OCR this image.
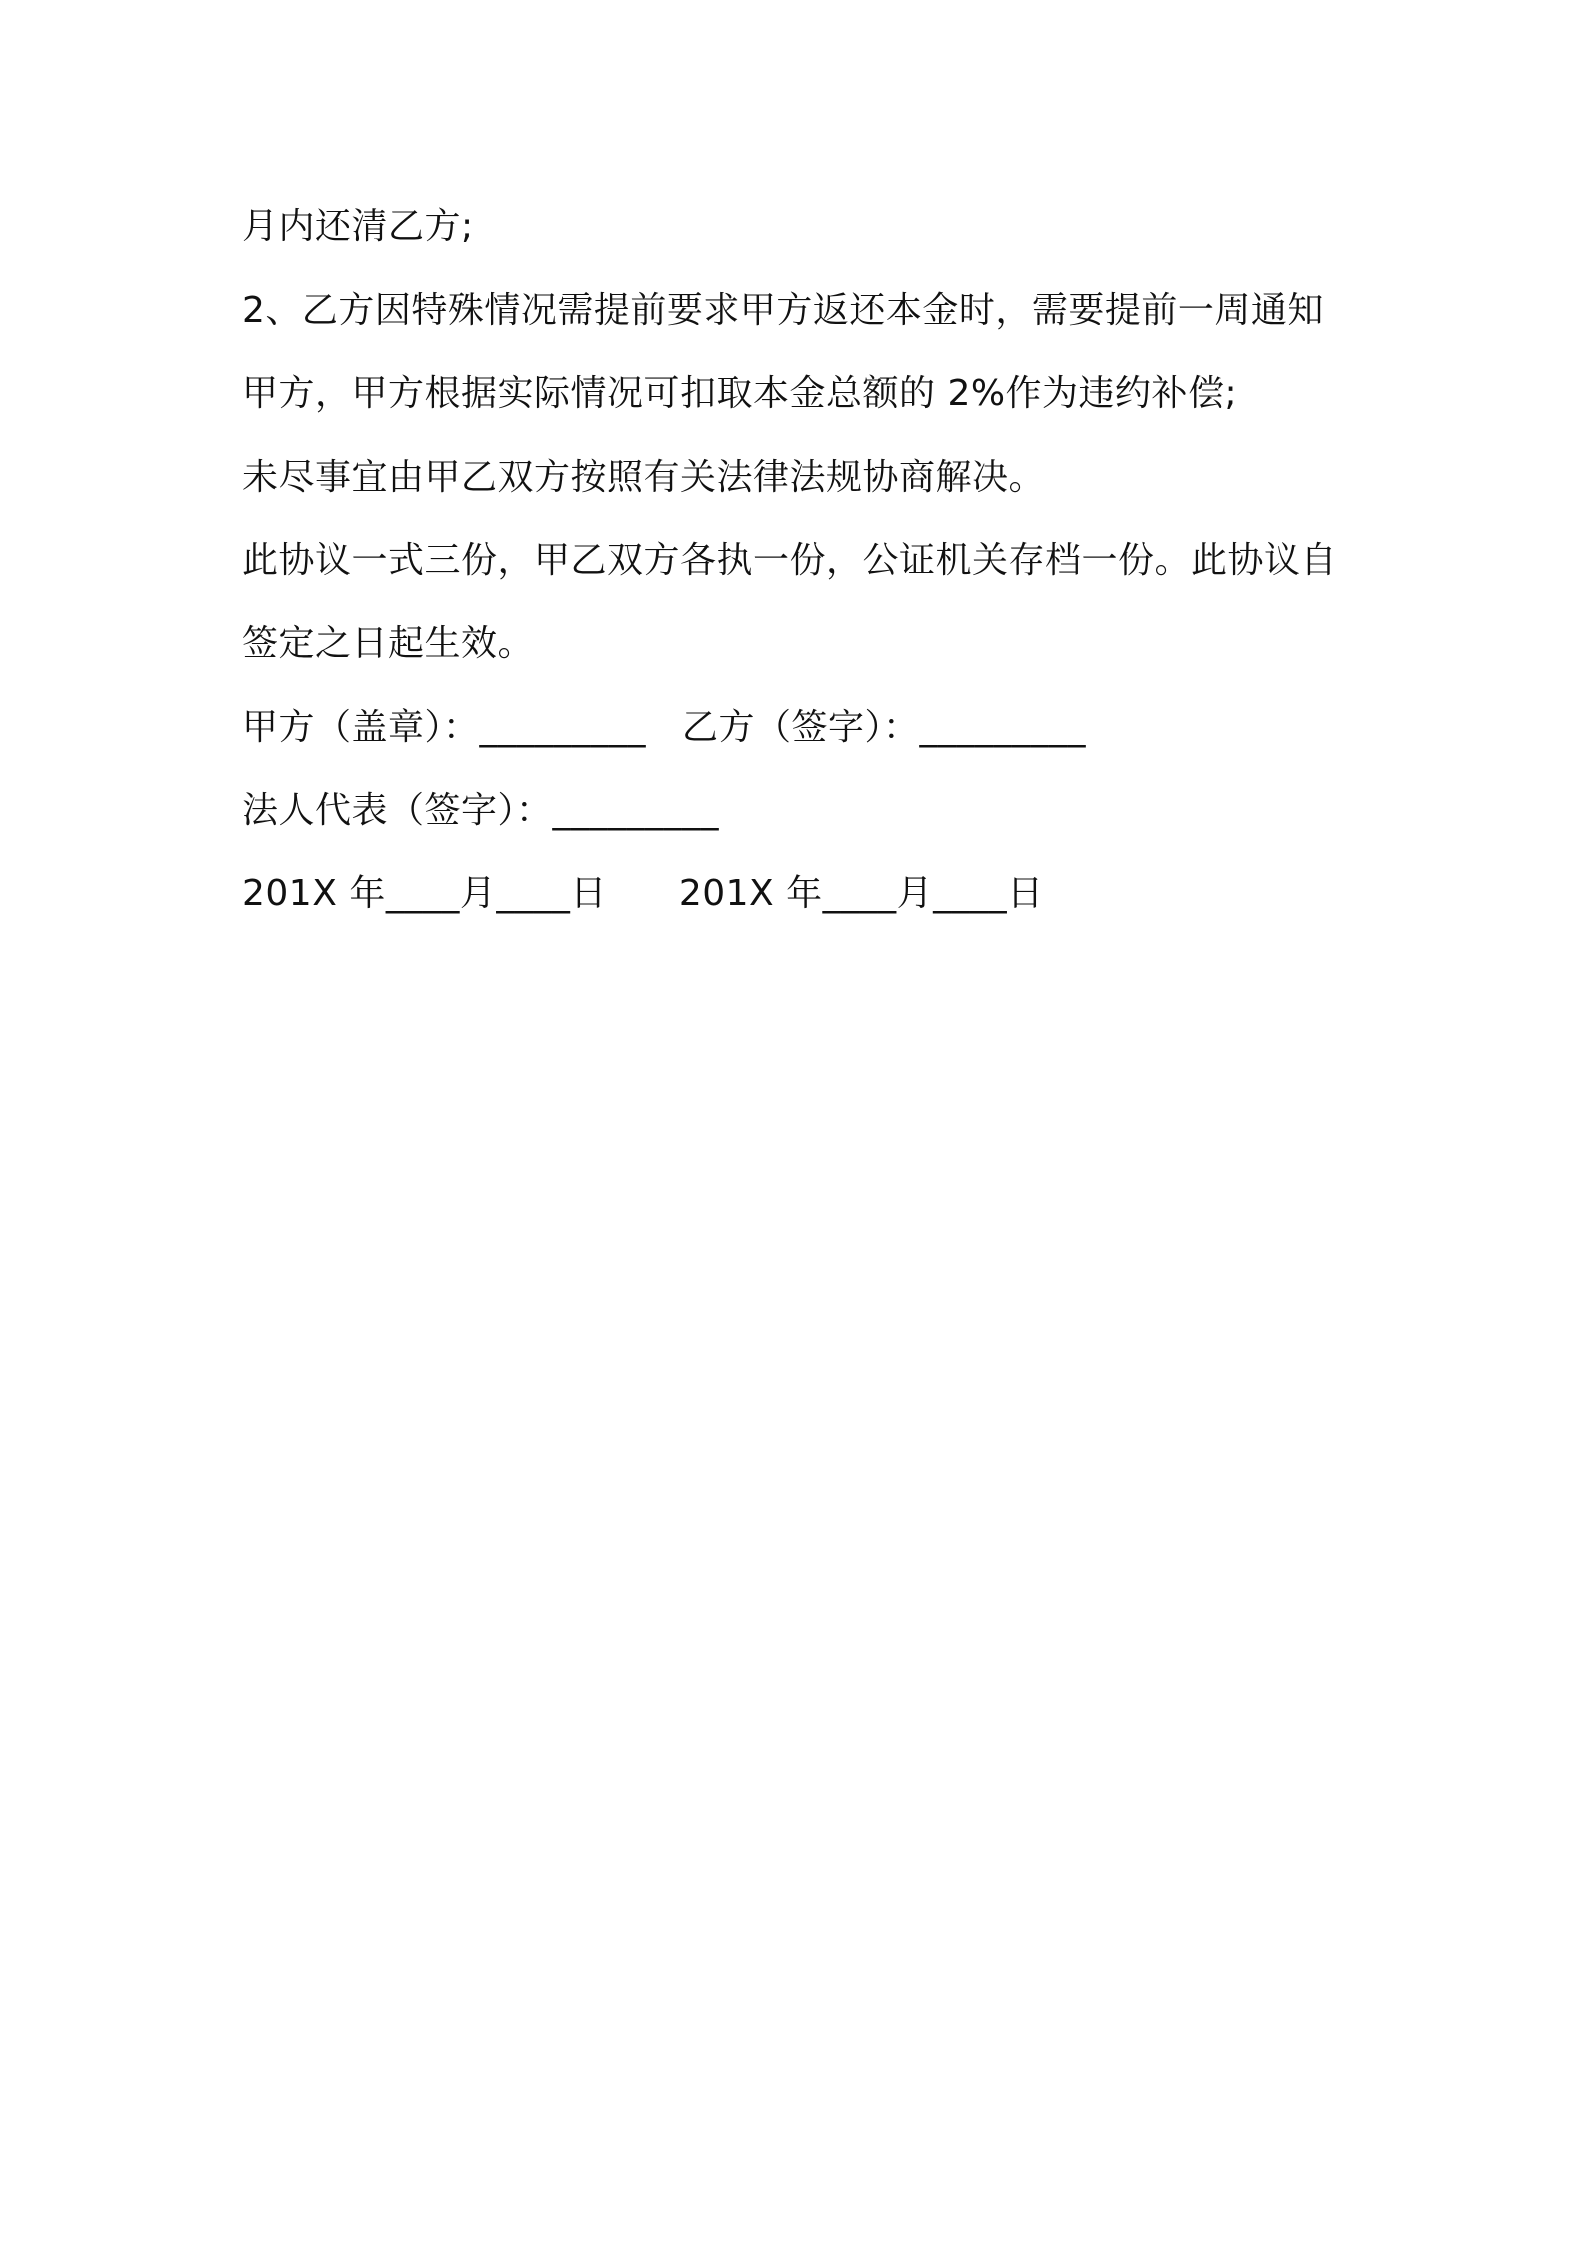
月内还清乙方;
2、乙方因特殊情况需提前要求甲方返还本金时，需要提前一周通知
甲方，甲方根据实际情况可扣取本金总额的 2%作为违约补偿;
未尽事宜由甲乙双方按照有关法律法规协商解决。
此协议一式三份，甲乙双方各执一份，公证机关存档一份。此协议自
签定之日起生效。
甲方（盖章）：_________ 乙方（签字）：_________
法人代表（签字）：_________
201X 年____月____日 201X 年____月____日
